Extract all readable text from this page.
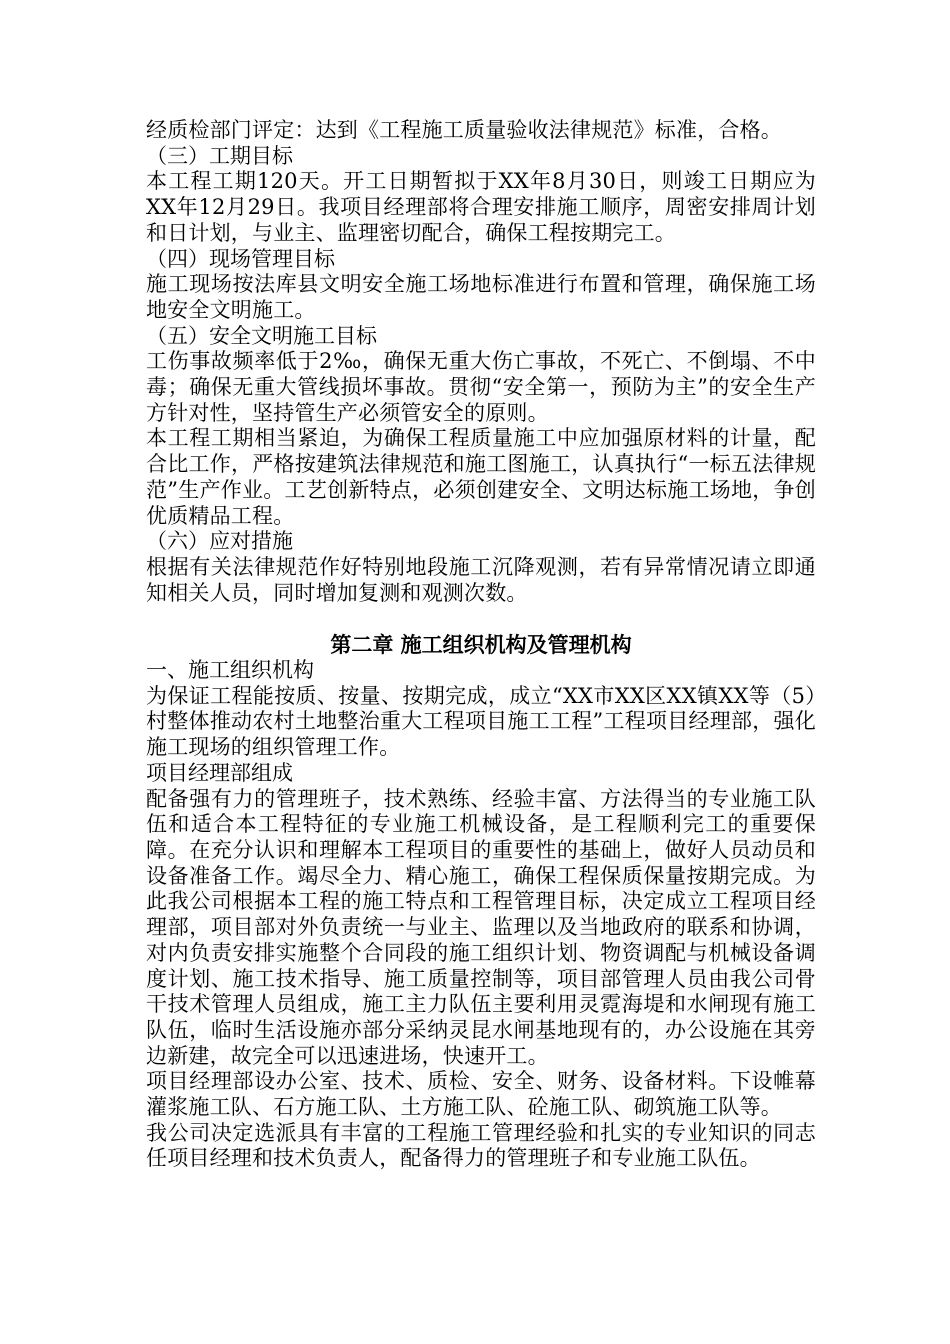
经质检部门评定：达到《工程施工质量验收法律规范》标准，合格。
（三）工期目标
本工程工期120天。开工日期暂拟于XX年8月30日，则竣工日期应为XX年12月29日。我项目经理部将合理安排施工顺序，周密安排周计划和日计划，与业主、监理密切配合，确保工程按期完工。
（四）现场管理目标
施工现场按法库县文明安全施工场地标准进行布置和管理，确保施工场地安全文明施工。
（五）安全文明施工目标
工伤事故频率低于2‰，确保无重大伤亡事故，不死亡、不倒塌、不中毒；确保无重大管线损坏事故。贯彻“安全第一，预防为主”的安全生产方针对性，坚持管生产必须管安全的原则。
本工程工期相当紧迫，为确保工程质量施工中应加强原材料的计量，配合比工作，严格按建筑法律规范和施工图施工，认真执行“一标五法律规范”生产作业。工艺创新特点，必须创建安全、文明达标施工场地，争创优质精品工程。
（六）应对措施
根据有关法律规范作好特别地段施工沉降观测，若有异常情况请立即通知相关人员，同时增加复测和观测次数。
第二章 施工组织机构及管理机构
一、施工组织机构
为保证工程能按质、按量、按期完成，成立“XX市XX区XX镇XX等（5）村整体推动农村土地整治重大工程项目施工工程”工程项目经理部，强化施工现场的组织管理工作。
项目经理部组成
配备强有力的管理班子，技术熟练、经验丰富、方法得当的专业施工队伍和适合本工程特征的专业施工机械设备，是工程顺利完工的重要保障。在充分认识和理解本工程项目的重要性的基础上，做好人员动员和设备准备工作。竭尽全力、精心施工，确保工程保质保量按期完成。为此我公司根据本工程的施工特点和工程管理目标，决定成立工程项目经理部，项目部对外负责统一与业主、监理以及当地政府的联系和协调，对内负责安排实施整个合同段的施工组织计划、物资调配与机械设备调度计划、施工技术指导、施工质量控制等，项目部管理人员由我公司骨干技术管理人员组成，施工主力队伍主要利用灵霓海堤和水闸现有施工队伍，临时生活设施亦部分采纳灵昆水闸基地现有的，办公设施在其旁边新建，故完全可以迅速进场，快速开工。
项目经理部设办公室、技术、质检、安全、财务、设备材料。下设帷幕灌浆施工队、石方施工队、土方施工队、砼施工队、砌筑施工队等。
我公司决定选派具有丰富的工程施工管理经验和扎实的专业知识的同志任项目经理和技术负责人，配备得力的管理班子和专业施工队伍。
